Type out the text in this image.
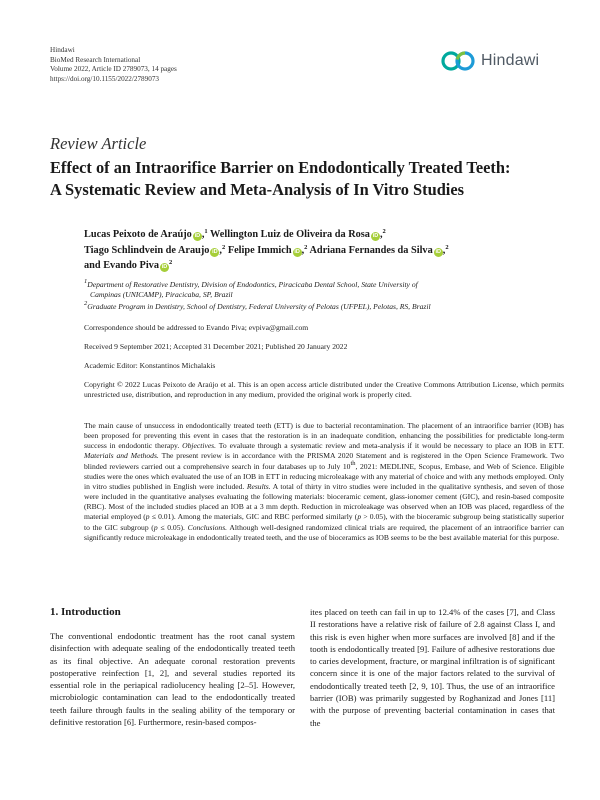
Hindawi
BioMed Research International
Volume 2022, Article ID 2789073, 14 pages
https://doi.org/10.1155/2022/2789073
Hindawi
Review Article
Effect of an Intraorifice Barrier on Endodontically Treated Teeth:
A Systematic Review and Meta-Analysis of In Vitro Studies
Lucas Peixoto de Araújo iD ,$^1$ Wellington Luiz de Oliveira da Rosa iD ,$^2$
Tiago Schlindvein de Araujo iD ,$^2$ Felipe Immich iD ,$^2$ Adriana Fernandes da Silva iD ,$^2$
and Evando Piva $iD^2$
$^1$Department of Restorative Dentistry, Division of Endodontics, Piracicaba Dental School, State University of
Campinas (UNICAMP), Piracicaba, SP, Brazil
$^2$Graduate Program in Dentistry, School of Dentistry, Federal University of Pelotas (UFPEL), Pelotas, RS, Brazil
Correspondence should be addressed to Evando Piva; evpiva@gmail.com
Received 9 September 2021; Accepted 31 December 2021; Published 20 January 2022
Academic Editor: Konstantinos Michalakis

Copyright © 2022 Lucas Peixoto de Araújo et al. This is an open access article distributed under the Creative Commons Attribution License, which permits unrestricted use, distribution, and reproduction in any medium, provided the original work is properly cited.

The main cause of unsuccess in endodontically treated teeth (ETT) is due to bacterial recontamination. The placement of an intraorifice barrier (IOB) has been proposed for preventing this event in cases that the restoration is in an inadequate condition, enhancing the possibilities for predictable long-term success in endodontic therapy. Objectives. To evaluate through a systematic review and meta-analysis if it would be necessary to place an IOB in ETT. Materials and Methods. The present review is in accordance with the PRISMA 2020 Statement and is registered in the Open Science Framework. Two blinded reviewers carried out a comprehensive search in four databases up to July 10th, 2021: MEDLINE, Scopus, Embase, and Web of Science. Eligible studies were the ones which evaluated the use of an IOB in ETT in reducing microleakage with any material of choice and with any methods employed. Only in vitro studies published in English were included. Results. A total of thirty in vitro studies were included in the qualitative synthesis, and seven of those were included in the quantitative analyses evaluating the following materials: bioceramic cement, glass-ionomer cement (GIC), and resin-based composite (RBC). Most of the included studies placed an IOB at a 3 mm depth. Reduction in microleakage was observed when an IOB was placed, regardless of the material employed (p ≤ 0.01). Among the materials, GIC and RBC performed similarly (p > 0.05), with the bioceramic subgroup being statistically superior to the GIC subgroup (p ≤ 0.05). Conclusions. Although well-designed randomized clinical trials are required, the placement of an intraorifice barrier can significantly reduce microleakage in endodontically treated teeth, and the use of bioceramics as IOB seems to be the best available material for this purpose.

1. Introduction

The conventional endodontic treatment has the root canal system disinfection with adequate sealing of the endodontically treated teeth as its final objective. An adequate coronal restoration prevents postoperative reinfection [1, 2], and several studies reported its essential role in the periapical radiolucency healing [2–5]. However, microbiologic contamination can lead to the endodontically treated teeth failure through faults in the sealing ability of the temporary or definitive restoration [6]. Furthermore, resin-based compos-

ites placed on teeth can fail in up to 12.4% of the cases [7], and Class II restorations have a relative risk of failure of 2.8 against Class I, and this risk is even higher when more surfaces are involved [8] and if the tooth is endodontically treated [9]. Failure of adhesive restorations due to caries development, fracture, or marginal infiltration is of significant concern since it is one of the major factors related to the survival of endodontically treated teeth [2, 9, 10]. Thus, the use of an intraorifice barrier (IOB) was primarily suggested by Roghanizad and Jones [11] with the purpose of preventing bacterial contamination in cases that the
